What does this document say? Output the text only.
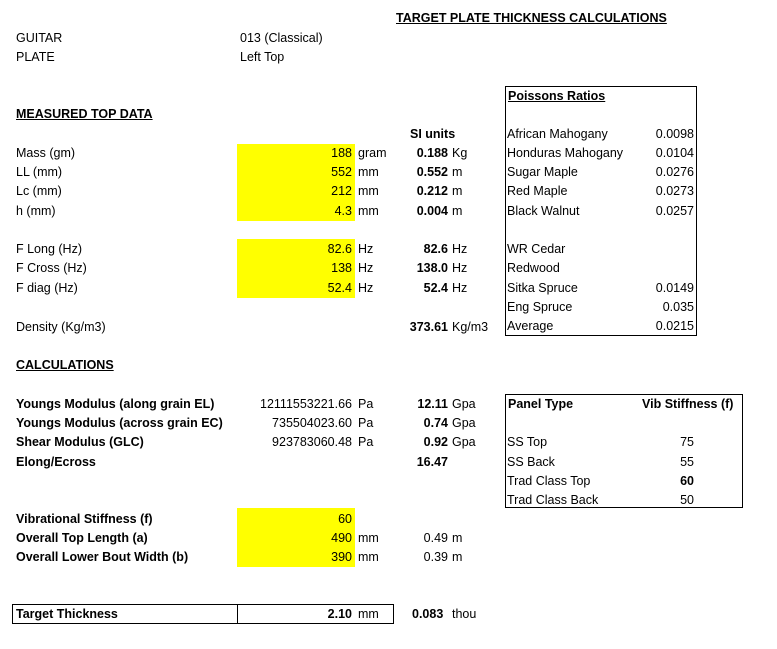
TARGET PLATE THICKNESS CALCULATIONS
GUITAR	013 (Classical)
PLATE	Left Top
MEASURED TOP DATA
SI units
Mass (gm)	188 gram	0.188 Kg
LL (mm)	552 mm	0.552 m
Lc (mm)	212 mm	0.212 m
h (mm)	4.3 mm	0.004 m
F Long (Hz)	82.6 Hz	82.6 Hz
F Cross (Hz)	138 Hz	138.0 Hz
F diag (Hz)	52.4 Hz	52.4 Hz
Density (Kg/m3)	373.61 Kg/m3
Poissons Ratios
African Mahogany	0.0098
Honduras Mahogany	0.0104
Sugar Maple	0.0276
Red Maple	0.0273
Black Walnut	0.0257
WR Cedar
Redwood
Sitka Spruce	0.0149
Eng Spruce	0.035
Average	0.0215
CALCULATIONS
Youngs Modulus (along grain EL)	12111553221.66 Pa	12.11 Gpa
Youngs Modulus (across grain EC)	735504023.60 Pa	0.74 Gpa
Shear Modulus (GLC)	923783060.48 Pa	0.92 Gpa
Elong/Ecross	16.47
Panel Type	Vib Stiffness (f)
SS Top	75
SS Back	55
Trad Class Top	60
Trad Class Back	50
Vibrational Stiffness (f)	60
Overall Top Length (a)	490 mm	0.49 m
Overall Lower Bout Width (b)	390 mm	0.39 m
Target Thickness	2.10 mm	0.083 thou
